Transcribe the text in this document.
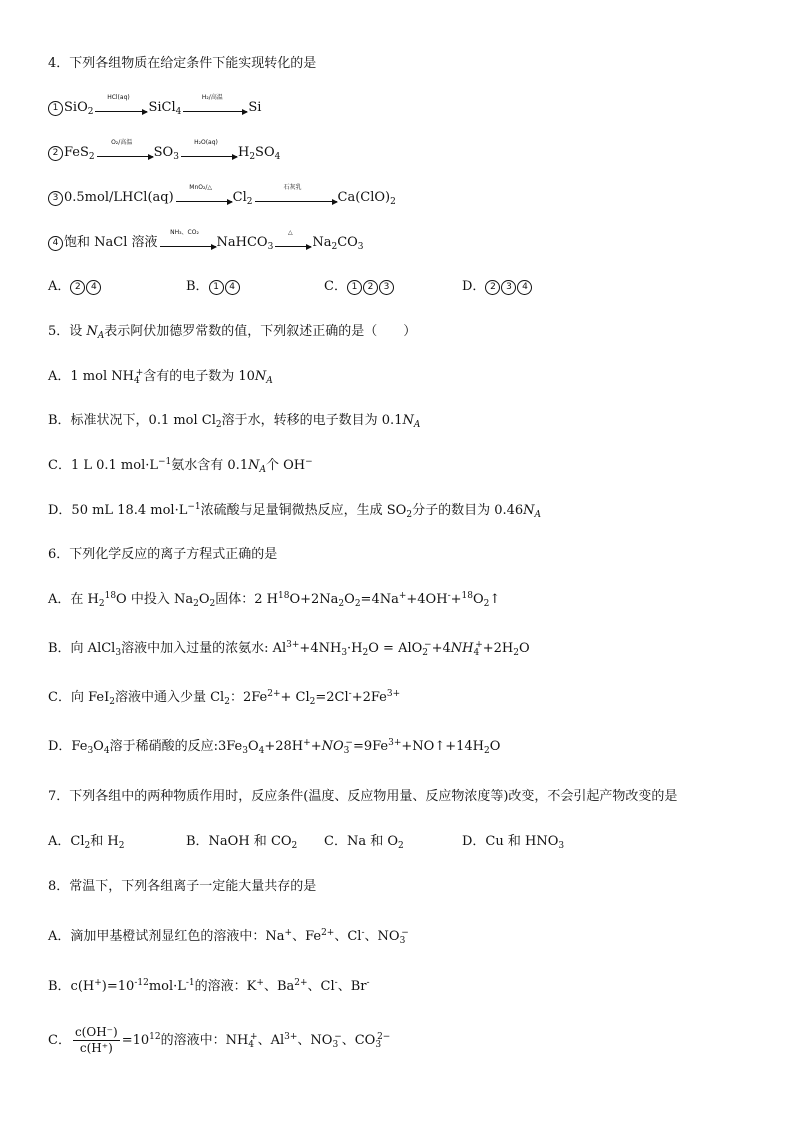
4．下列各组物质在给定条件下能实现转化的是
1 SiO$_2$
HCl(aq)
SiCl$_4$
H₂/高温
Si
2 FeS$_2$
O₂/高温
$SO_3$
H₂O(aq)
$H_2SO_4$
3 0.5mol/LHCl(aq)
MnO₂/△
$Cl_2$
石灰乳
$Ca(ClO)_2$
4 饱和 NaCl 溶液
NH₃、CO₂
NaHCO$_3$
△
$Na_2CO_3$
A． 2 4	B． 1 4	C． 1 2 3	D． 2 3 4
5．设 $N_A$表示阿伏加德罗常数的值，下列叙述正确的是（　　）
A．1 mol $NH_4^+$含有的电子数为 $10N_A$
B．标准状况下，0.1 mol $Cl_2$溶于水，转移的电子数目为 $0.1N_A$
C．1 L 0.1 $mol\cdot L^{-1}$氨水含有 $0.1N_A$个 OH−
D．50 mL 18.4 $mol\cdot L^{-1}$浓硫酸与足量铜微热反应，生成 $SO_2$分子的数目为 $0.46N_A$
6．下列化学反应的离子方程式正确的是
A．在 $H_2^{18}O$ 中投入 $Na_2O_2$固体：2 $H^{18}O+2Na_2O_2=4Na^++4OH^-+^{18}O_2↑$
B．向 AlCl$_3$溶液中加入过量的浓氨水: $Al^{3+}+4NH_3\cdot H_2O = AlO_2^-+4NH_4^++2H_2O$
C．向 FeI$_2$溶液中通入少量 $Cl_2$：$2Fe^{2+}+ Cl_2=2Cl^-+2Fe^{3+}$
D．$Fe_3O_4$溶于稀硝酸的反应$:3Fe_3O_4+28H^++NO_3^-=9Fe^{3+}+NO↑+14H_2O$
7．下列各组中的两种物质作用时，反应条件(温度、反应物用量、反应物浓度等)改变，不会引起产物改变的是
A．$Cl_2$和 $H_2$	B．NaOH 和 $CO_2$	C．Na 和 $O_2$	D．Cu 和 $HNO_3$
8．常温下，下列各组离子一定能大量共存的是
A．滴加甲基橙试剂显红色的溶液中：Na+、$Fe^{2+}$、Cl-、$NO_3^-$
B．$c(H^+)=10^{-12}mol\cdot L^{-1}$的溶液：K+、$Ba^{2+}$、Cl-、Br-
C． $\frac{c(OH^-)}{c(H^+)} =10^{12}$的溶液中：$NH_4^+$、$Al^{3+}$、$NO_3^-$、$CO_3^{2-}$
